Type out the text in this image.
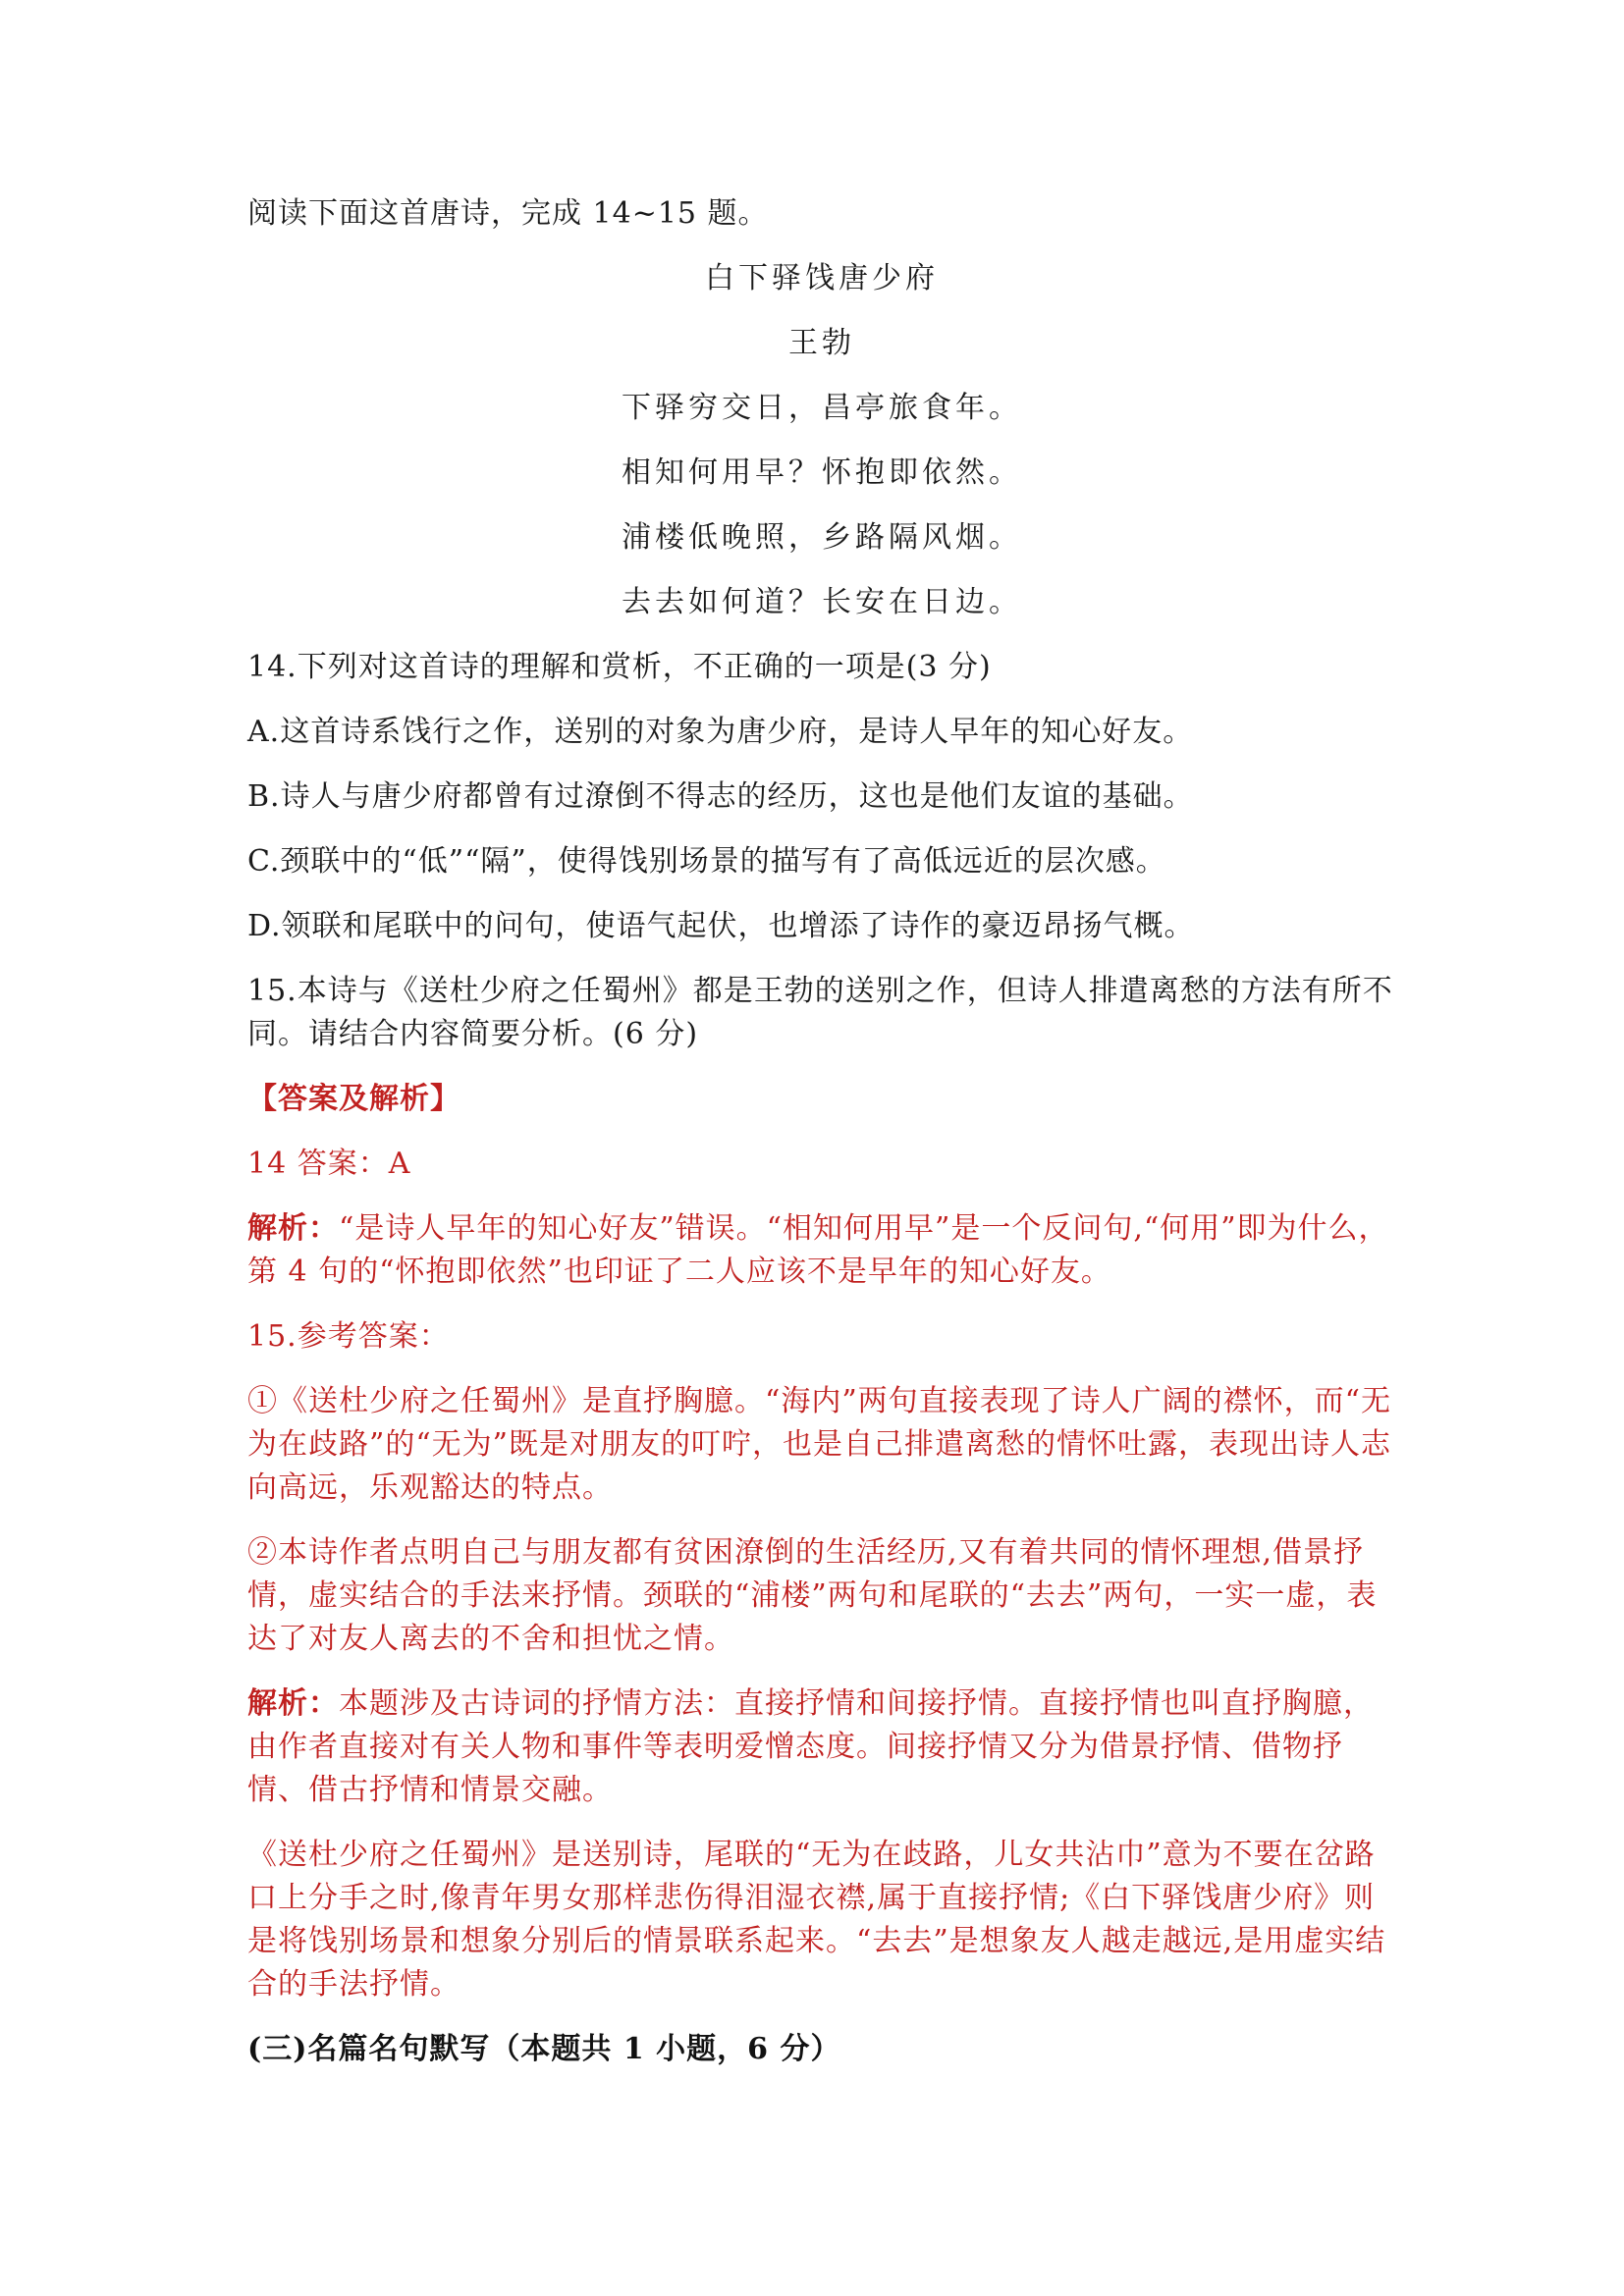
阅读下面这首唐诗，完成 14~15 题。

白下驿饯唐少府

王勃

下驿穷交日，昌亭旅食年。

相知何用早？怀抱即依然。

浦楼低晚照，乡路隔风烟。

去去如何道？长安在日边。

14.下列对这首诗的理解和赏析，不正确的一项是(3 分)

A.这首诗系饯行之作，送别的对象为唐少府，是诗人早年的知心好友。

B.诗人与唐少府都曾有过潦倒不得志的经历，这也是他们友谊的基础。

C.颈联中的“低”“隔”，使得饯别场景的描写有了高低远近的层次感。

D.领联和尾联中的问句，使语气起伏，也增添了诗作的豪迈昂扬气概。

15.本诗与《送杜少府之任蜀州》都是王勃的送别之作，但诗人排遣离愁的方法有所不同。请结合内容简要分析。(6 分)

【答案及解析】

14 答案：A

解析：“是诗人早年的知心好友”错误。“相知何用早”是一个反问句,“何用”即为什么，第 4 句的“怀抱即依然”也印证了二人应该不是早年的知心好友。

15.参考答案：

①《送杜少府之任蜀州》是直抒胸臆。“海内”两句直接表现了诗人广阔的襟怀，而“无为在歧路”的“无为”既是对朋友的叮咛，也是自己排遣离愁的情怀吐露，表现出诗人志向高远，乐观豁达的特点。

②本诗作者点明自己与朋友都有贫困潦倒的生活经历,又有着共同的情怀理想,借景抒情，虚实结合的手法来抒情。颈联的“浦楼”两句和尾联的“去去”两句，一实一虚，表达了对友人离去的不舍和担忧之情。

解析：本题涉及古诗词的抒情方法：直接抒情和间接抒情。直接抒情也叫直抒胸臆，由作者直接对有关人物和事件等表明爱憎态度。间接抒情又分为借景抒情、借物抒情、借古抒情和情景交融。

《送杜少府之任蜀州》是送别诗，尾联的“无为在歧路，儿女共沾巾”意为不要在岔路口上分手之时,像青年男女那样悲伤得泪湿衣襟,属于直接抒情;《白下驿饯唐少府》则是将饯别场景和想象分别后的情景联系起来。“去去”是想象友人越走越远,是用虚实结合的手法抒情。

(三)名篇名句默写（本题共 1 小题，6 分）
